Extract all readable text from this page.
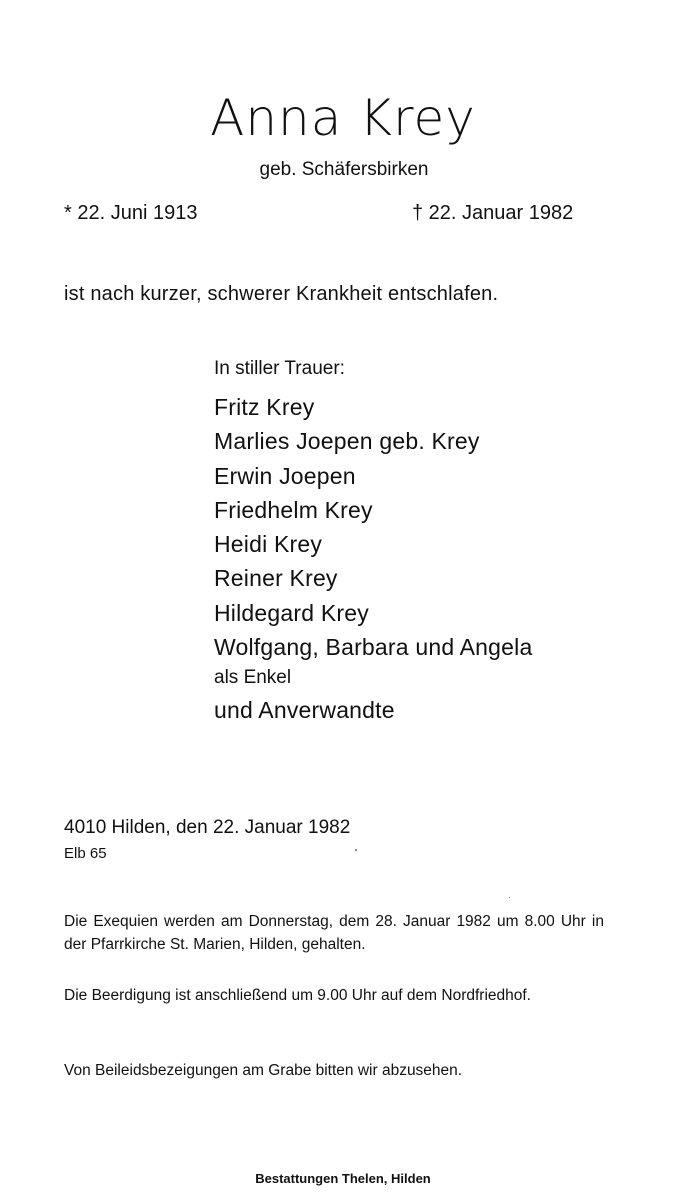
Anna Krey
geb. Schäfersbirken
* 22. Juni 1913	† 22. Januar 1982
ist nach kurzer, schwerer Krankheit entschlafen.
In stiller Trauer:
Fritz Krey
Marlies Joepen geb. Krey
Erwin Joepen
Friedhelm Krey
Heidi Krey
Reiner Krey
Hildegard Krey
Wolfgang, Barbara und Angela
als Enkel
und Anverwandte
4010 Hilden, den 22. Januar 1982
Elb 65

Die Exequien werden am Donnerstag, dem 28. Januar 1982 um 8.00 Uhr in der Pfarrkirche St. Marien, Hilden, gehalten.

Die Beerdigung ist anschließend um 9.00 Uhr auf dem Nordfriedhof.

Von Beileidsbezeigungen am Grabe bitten wir abzusehen.

Bestattungen Thelen, Hilden
